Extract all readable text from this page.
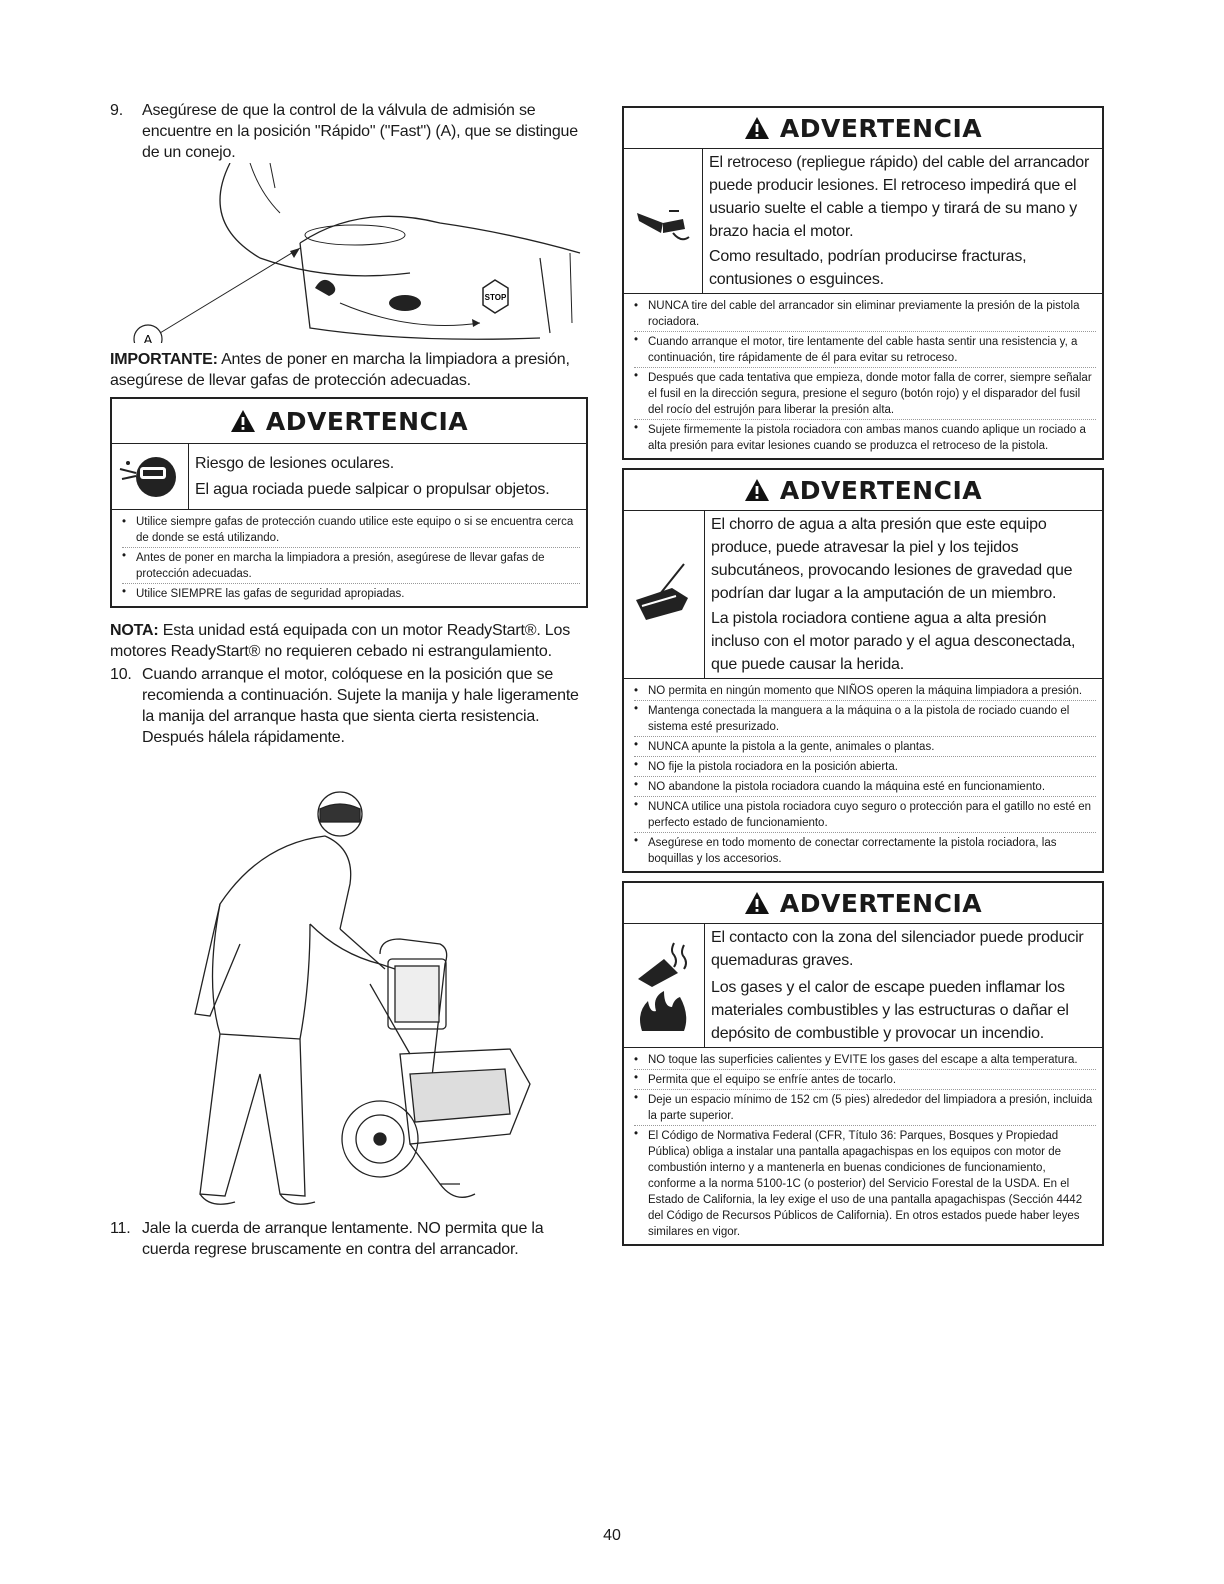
9. Asegúrese de que la control de la válvula de admisión se encuentre en la posición "Rápido" ("Fast") (A), que se distingue de un conejo.
STOP
A
IMPORTANTE: Antes de poner en marcha la limpiadora a presión, asegúrese de llevar gafas de protección adecuadas.
ADVERTENCIA

Riesgo de lesiones oculares.

El agua rociada puede salpicar o propulsar objetos.

• Utilice siempre gafas de protección cuando utilice este equipo o si se encuentra cerca de donde se está utilizando.
• Antes de poner en marcha la limpiadora a presión, asegúrese de llevar gafas de protección adecuadas.
• Utilice SIEMPRE las gafas de seguridad apropiadas.
NOTA: Esta unidad está equipada con un motor ReadyStart®. Los motores ReadyStart® no requieren cebado ni estrangulamiento.
10. Cuando arranque el motor, colóquese en la posición que se recomienda a continuación. Sujete la manija y hale ligeramente la manija del arranque hasta que sienta cierta resistencia. Después hálela rápidamente.
11. Jale la cuerda de arranque lentamente. NO permita que la cuerda regrese bruscamente en contra del arrancador.
ADVERTENCIA

El retroceso (repliegue rápido) del cable del arrancador puede producir lesiones. El retroceso impedirá que el usuario suelte el cable a tiempo y tirará de su mano y brazo hacia el motor.

Como resultado, podrían producirse fracturas, contusiones o esguinces.

• NUNCA tire del cable del arrancador sin eliminar previamente la presión de la pistola rociadora.
• Cuando arranque el motor, tire lentamente del cable hasta sentir una resistencia y, a continuación, tire rápidamente de él para evitar su retroceso.
• Después que cada tentativa que empieza, donde motor falla de correr, siempre señalar el fusil en la dirección segura, presione el seguro (botón rojo) y el disparador del fusil del rocío del estrujón para liberar la presión alta.
• Sujete firmemente la pistola rociadora con ambas manos cuando aplique un rociado a alta presión para evitar lesiones cuando se produzca el retroceso de la pistola.
ADVERTENCIA

El chorro de agua a alta presión que este equipo produce, puede atravesar la piel y los tejidos subcutáneos, provocando lesiones de gravedad que podrían dar lugar a la amputación de un miembro.

La pistola rociadora contiene agua a alta presión incluso con el motor parado y el agua desconectada, que puede causar la herida.

• NO permita en ningún momento que NIÑOS operen la máquina limpiadora a presión.
• Mantenga conectada la manguera a la máquina o a la pistola de rociado cuando el sistema esté presurizado.
• NUNCA apunte la pistola a la gente, animales o plantas.
• NO fije la pistola rociadora en la posición abierta.
• NO abandone la pistola rociadora cuando la máquina esté en funcionamiento.
• NUNCA utilice una pistola rociadora cuyo seguro o protección para el gatillo no esté en perfecto estado de funcionamiento.
• Asegúrese en todo momento de conectar correctamente la pistola rociadora, las boquillas y los accesorios.
ADVERTENCIA

El contacto con la zona del silenciador puede producir quemaduras graves.

Los gases y el calor de escape pueden inflamar los materiales combustibles y las estructuras o dañar el depósito de combustible y provocar un incendio.

• NO toque las superficies calientes y EVITE los gases del escape a alta temperatura.
• Permita que el equipo se enfríe antes de tocarlo.
• Deje un espacio mínimo de 152 cm (5 pies) alrededor del limpiadora a presión, incluida la parte superior.
• El Código de Normativa Federal (CFR, Título 36: Parques, Bosques y Propiedad Pública) obliga a instalar una pantalla apagachispas en los equipos con motor de combustión interno y a mantenerla en buenas condiciones de funcionamiento, conforme a la norma 5100-1C (o posterior) del Servicio Forestal de la USDA. En el Estado de California, la ley exige el uso de una pantalla apagachispas (Sección 4442 del Código de Recursos Públicos de California). En otros estados puede haber leyes similares en vigor.
40
